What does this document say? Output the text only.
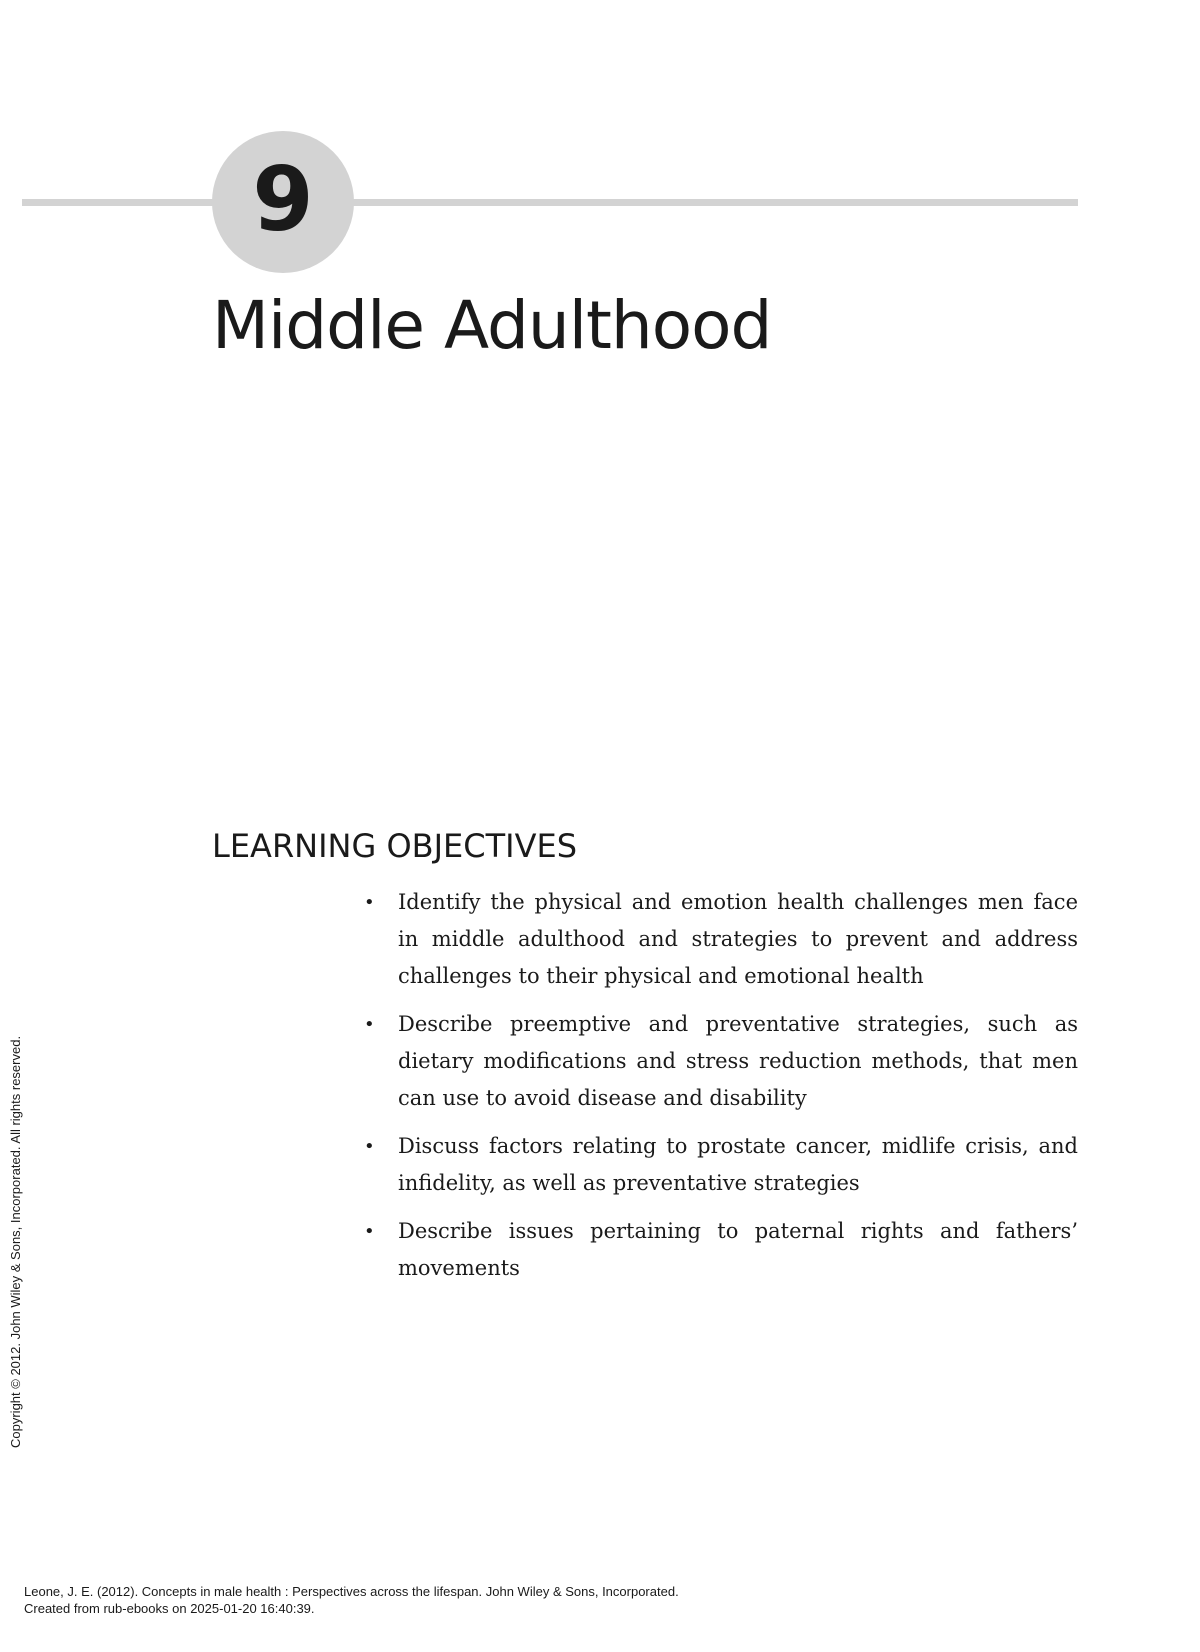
9
Middle Adulthood
LEARNING OBJECTIVES
• Identify the physical and emotion health challenges men face in middle adulthood and strategies to prevent and address challenges to their physical and emotional health
• Describe preemptive and preventative strategies, such as dietary modifications and stress reduction methods, that men can use to avoid disease and disability
• Discuss factors relating to prostate cancer, midlife crisis, and infidelity, as well as preventative strategies
• Describe issues pertaining to paternal rights and fathers’ movements
Copyright © 2012. John Wiley & Sons, Incorporated. All rights reserved.
Leone, J. E. (2012). Concepts in male health : Perspectives across the lifespan. John Wiley & Sons, Incorporated.
Created from rub-ebooks on 2025-01-20 16:40:39.
